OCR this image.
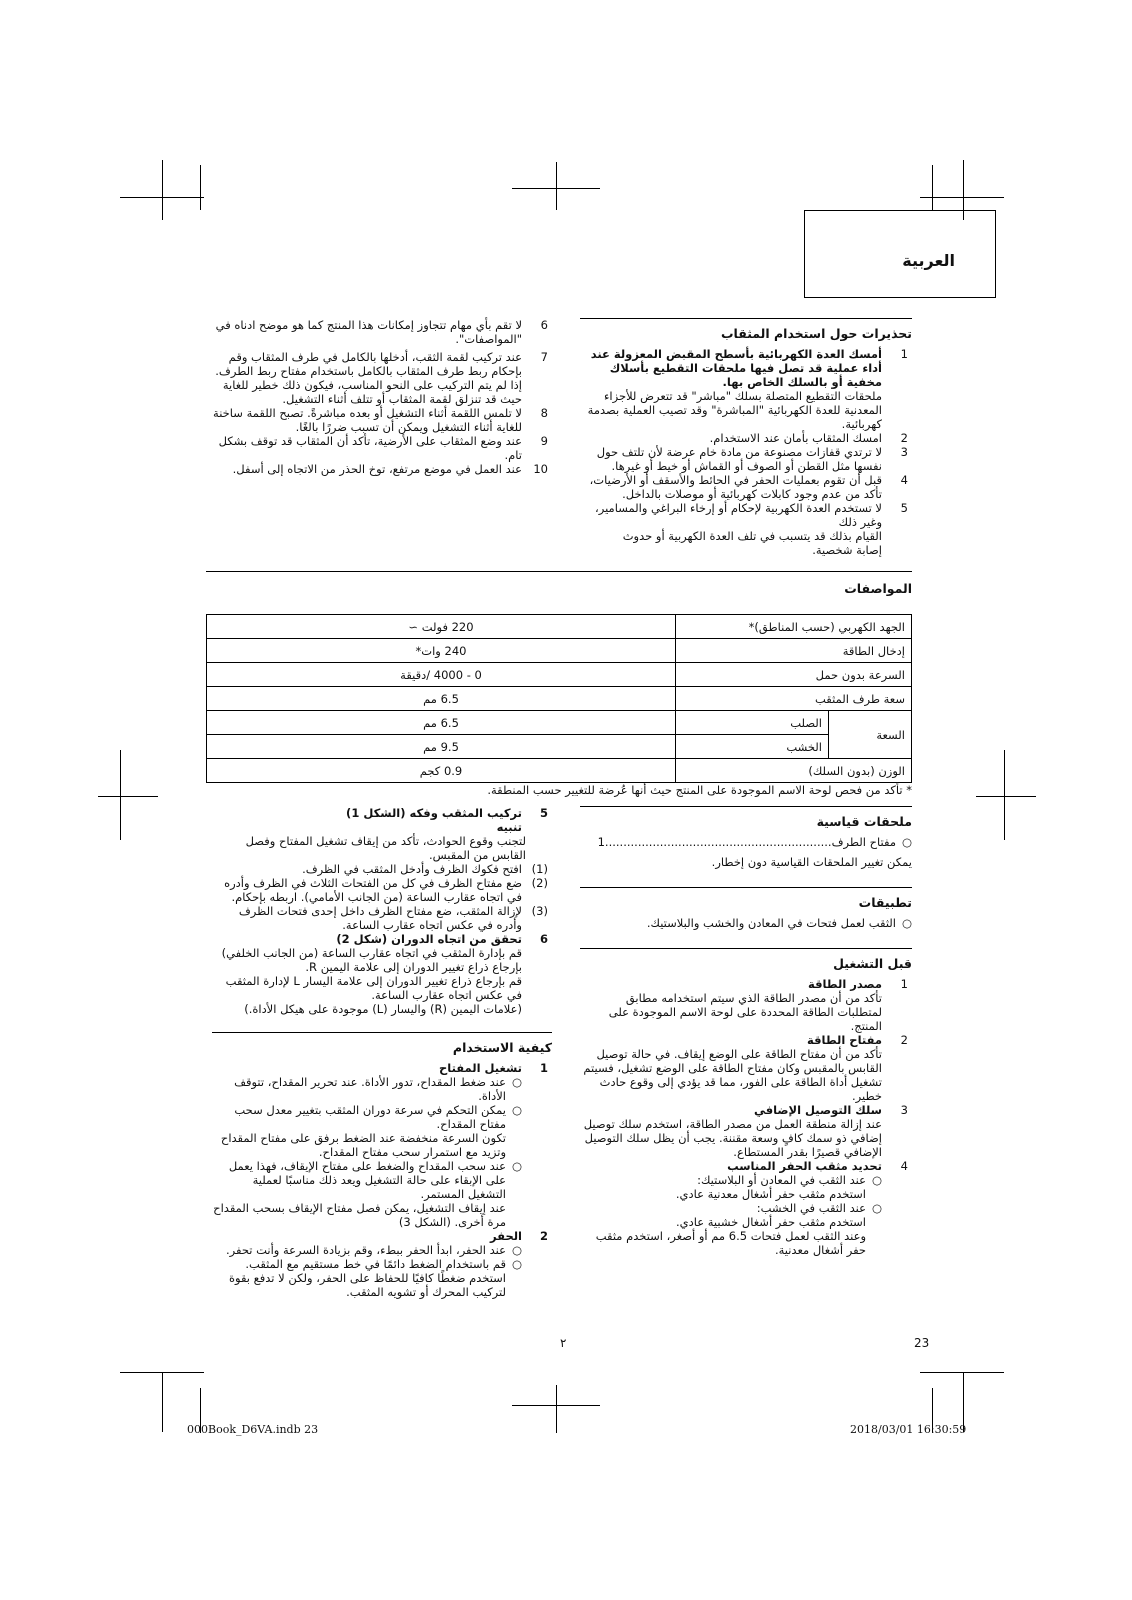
العربية
تحذيرات حول استخدام المثقاب
1
أمسك العدة الكهربائية بأسطح المقبض المعزولة عند أداء عملية قد تصل فيها ملحقات التقطيع بأسلاك مخفية أو بالسلك الخاص بها.
ملحقات التقطيع المتصلة بسلك "مباشر" قد تتعرض للأجزاء المعدنية للعدة الكهربائية "المباشرة" وقد تصيب العملية بصدمة كهربائية.
2
امسك المثقاب بأمان عند الاستخدام.
3
لا ترتدي قفازات مصنوعة من مادة خام عرضة لأن تلتف حول نفسها مثل القطن أو الصوف أو القماش أو خيط أو غيرها.
4
قبل أن تقوم بعمليات الحفر في الحائط والأسقف أو الأرضيات، تأكد من عدم وجود كابلات كهربائية أو موصلات بالداخل.
5
لا تستخدم العدة الكهربية لإحكام أو إرخاء البراغي والمسامير، وغير ذلك
القيام بذلك قد يتسبب في تلف العدة الكهربية أو حدوث إصابة شخصية.
6
لا تقم بأي مهام تتجاوز إمكانات هذا المنتج كما هو موضح ادناه في "المواصفات".
7
عند تركيب لقمة الثقب، أدخلها بالكامل في طرف المثقاب وقم بإحكام ربط طرف المثقاب بالكامل باستخدام مفتاح ربط الطرف.
إذا لم يتم التركيب على النحو المناسب، فيكون ذلك خطير للغاية حيث قد تنزلق لقمة المثقاب أو تتلف أثناء التشغيل.
8
لا تلمس اللقمة أثناء التشغيل أو بعده مباشرةً. تصبح اللقمة ساخنة للغاية أثناء التشغيل ويمكن أن تسبب ضررًا بالغًا.
9
عند وضع المثقاب على الأرضية، تأكد أن المثقاب قد توقف بشكل تام.
10
عند العمل في موضع مرتفع، توخ الحذر من الاتجاه إلى أسفل.
المواصفات
الجهد الكهربي (حسب المناطق)*		220 فولت ∼
إدخال الطاقة		240 وات*
السرعة بدون حمل		0 - 4000 /دقيقة
سعة طرف المثقب		6.5 مم
السعة	الصلب	6.5 مم
	الخشب	9.5 مم
الوزن (بدون السلك)		0.9 كجم
* تأكد من فحص لوحة الاسم الموجودة على المنتج حيث أنها عُرضة للتغيير حسب المنطقة.
ملحقات قياسية
○
مفتاح الطرف..............................................................1
يمكن تغيير الملحقات القياسية دون إخطار.
تطبيقات
○
الثقب لعمل فتحات في المعادن والخشب والبلاستيك.
قبل التشغيل
1
مصدر الطاقة
تأكد من أن مصدر الطاقة الذي سيتم استخدامه مطابق لمتطلبات الطاقة المحددة على لوحة الاسم الموجودة على المنتج.
2
مفتاح الطاقة
تأكد من أن مفتاح الطاقة على الوضع إيقاف. في حالة توصيل القابس بالمقبس وكان مفتاح الطاقة على الوضع تشغيل، فسيتم تشغيل أداة الطاقة على الفور، مما قد يؤدي إلى وقوع حادث خطير.
3
سلك التوصيل الإضافي
عند إزالة منطقة العمل من مصدر الطاقة، استخدم سلك توصيل إضافي ذو سمك كافٍ وسعة مقننة. يجب أن يظل سلك التوصيل الإضافي قصيرًا بقدر المستطاع.
4
تحديد مثقب الحفر المناسب
○
عند الثقب في المعادن أو البلاستيك:
استخدم مثقب حفر أشغال معدنية عادي.
○
عند الثقب في الخشب:
استخدم مثقب حفر أشغال خشبية عادي.
وعند الثقب لعمل فتحات 6.5 مم أو أصغر، استخدم مثقب حفر أشغال معدنية.
5
تركيب المثقب وفكه (الشكل 1)
تنبيه
لتجنب وقوع الحوادث، تأكد من إيقاف تشغيل المفتاح وفصل القابس من المقبس.
(1)
افتح فكوك الظرف وأدخل المثقب في الظرف.
(2)
ضع مفتاح الظرف في كل من الفتحات الثلاث في الظرف وأدره في اتجاه عقارب الساعة (من الجانب الأمامي). اربطه بإحكام.
(3)
لإزالة المثقب، ضع مفتاح الظرف داخل إحدى فتحات الظرف وأدره في عكس اتجاه عقارب الساعة.
6
تحقق من اتجاه الدوران (شكل 2)
قم بإدارة المثقب في اتجاه عقارب الساعة (من الجانب الخلفي) بإرجاع ذراع تغيير الدوران إلى علامة اليمين R.
قم بإرجاع ذراع تغيير الدوران إلى علامة اليسار L لإدارة المثقب في عكس اتجاه عقارب الساعة.
(علامات اليمين (R) واليسار (L) موجودة على هيكل الأداة.)
كيفية الاستخدام
1
تشغيل المفتاح
○
عند ضغط المقداح، تدور الأداة. عند تحرير المقداح، تتوقف الأداة.
○
يمكن التحكم في سرعة دوران المثقب بتغيير معدل سحب مفتاح المقداح.
تكون السرعة منخفضة عند الضغط برفق على مفتاح المقداح وتزيد مع استمرار سحب مفتاح المقداح.
○
عند سحب المقداح والضغط على مفتاح الإيقاف، فهذا يعمل على الإبقاء على حالة التشغيل ويعد ذلك مناسبًا لعملية التشغيل المستمر.
عند إيقاف التشغيل، يمكن فصل مفتاح الإيقاف بسحب المقداح مرة أخرى. (الشكل 3)
2
الحفر
○
عند الحفر، ابدأ الحفر ببطء، وقم بزيادة السرعة وأنت تحفر.
○
قم باستخدام الضغط دائمًا في خط مستقيم مع المثقب. استخدم ضغطًا كافيًا للحفاظ على الحفر، ولكن لا تدفع بقوة لتركيب المحرك أو تشويه المثقب.
23
٢
000Book_D6VA.indb 23	2018/03/01 16:30:59
